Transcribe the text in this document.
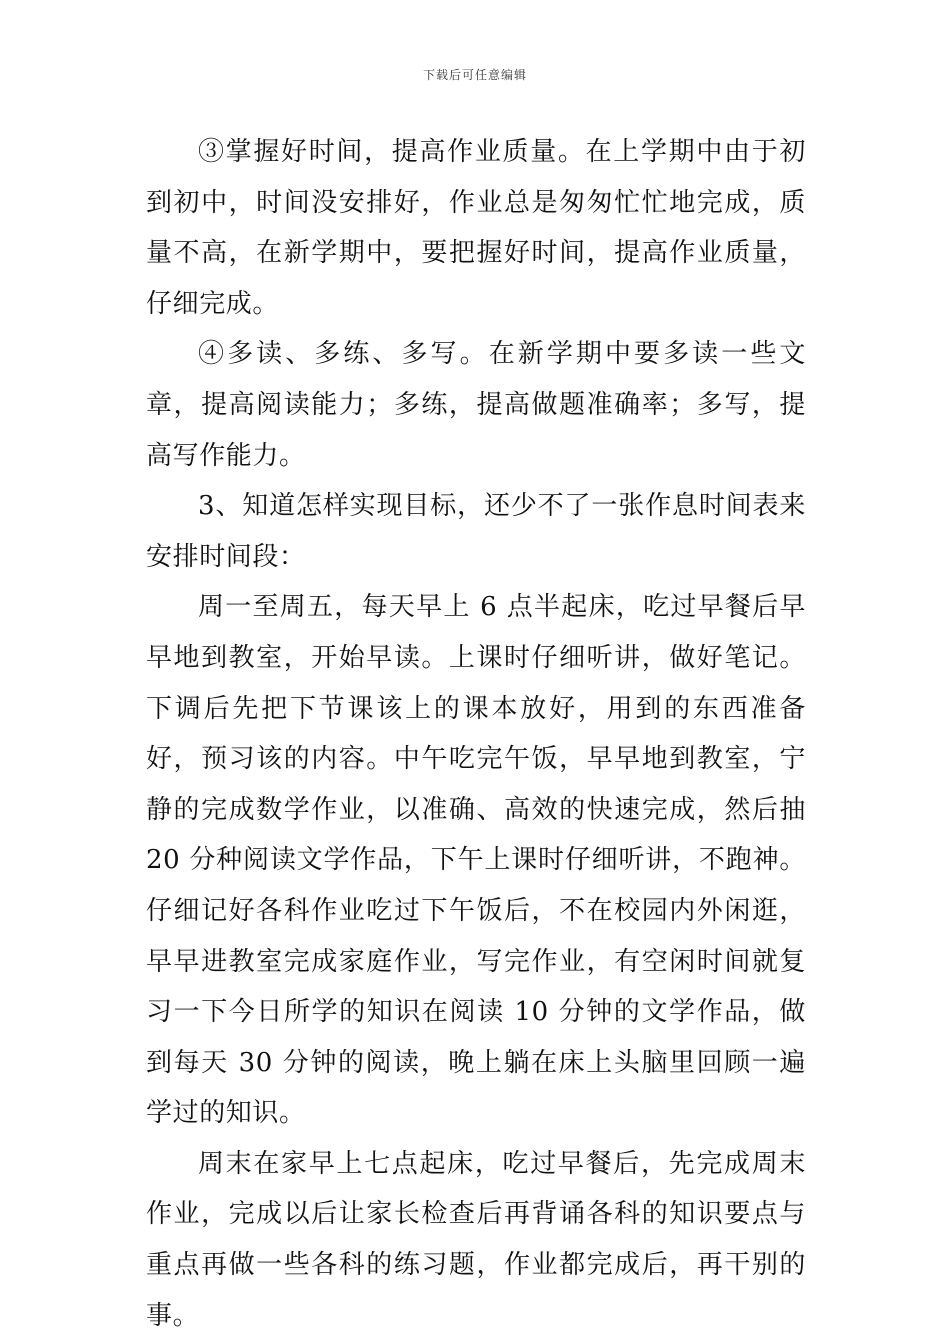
下载后可任意编辑

③掌握好时间，提高作业质量。在上学期中由于初到初中，时间没安排好，作业总是匆匆忙忙地完成，质量不高，在新学期中，要把握好时间，提高作业质量，仔细完成。

④多读、多练、多写。在新学期中要多读一些文章，提高阅读能力；多练，提高做题准确率；多写，提高写作能力。

3、知道怎样实现目标，还少不了一张作息时间表来安排时间段：

周一至周五，每天早上 6 点半起床，吃过早餐后早早地到教室，开始早读。上课时仔细听讲，做好笔记。下调后先把下节课该上的课本放好，用到的东西准备好，预习该的内容。中午吃完午饭，早早地到教室，宁静的完成数学作业，以准确、高效的快速完成，然后抽 20 分种阅读文学作品，下午上课时仔细听讲，不跑神。仔细记好各科作业吃过下午饭后，不在校园内外闲逛，早早进教室完成家庭作业，写完作业，有空闲时间就复习一下今日所学的知识在阅读 10 分钟的文学作品，做到每天 30 分钟的阅读，晚上躺在床上头脑里回顾一遍学过的知识。

周末在家早上七点起床，吃过早餐后，先完成周末作业，完成以后让家长检查后再背诵各科的知识要点与重点再做一些各科的练习题，作业都完成后，再干别的事。
